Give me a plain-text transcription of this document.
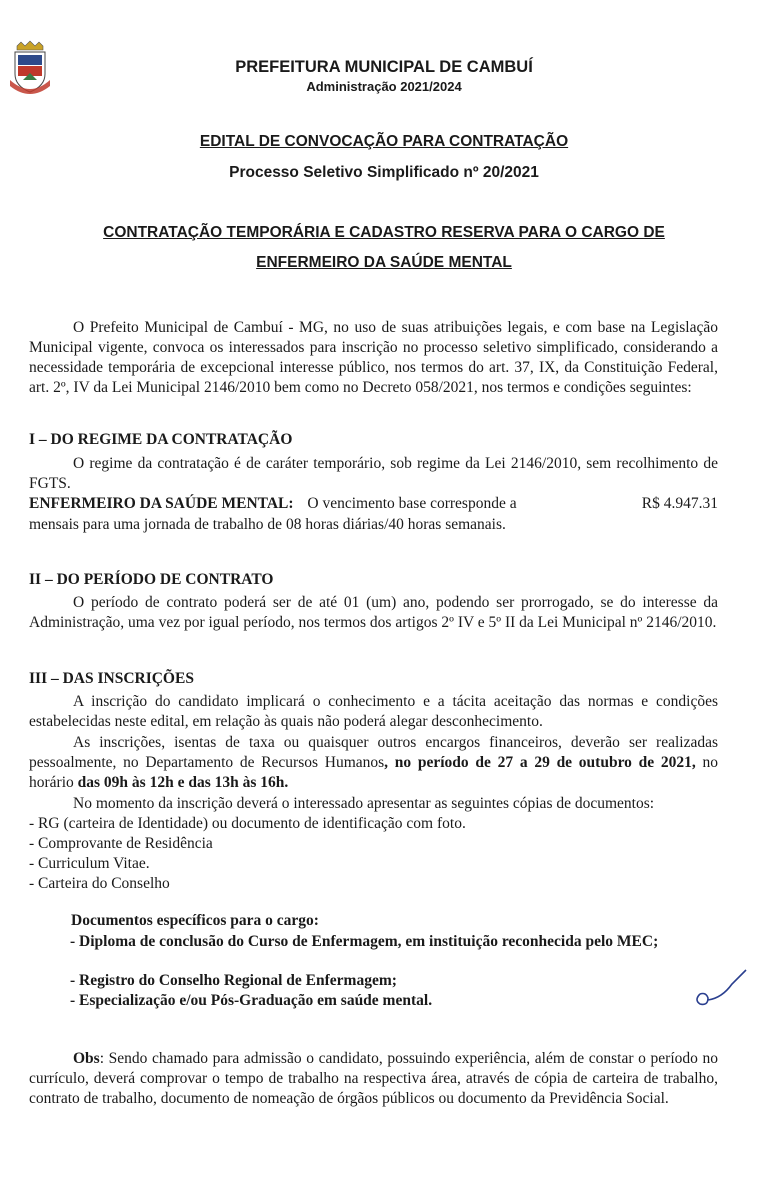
PREFEITURA MUNICIPAL DE CAMBUÍ
Administração 2021/2024
EDITAL DE CONVOCAÇÃO PARA CONTRATAÇÃO
Processo Seletivo Simplificado nº 20/2021
CONTRATAÇÃO TEMPORÁRIA E CADASTRO RESERVA PARA O CARGO DE
ENFERMEIRO DA SAÚDE MENTAL

O Prefeito Municipal de Cambuí - MG, no uso de suas atribuições legais, e com base na Legislação Municipal vigente, convoca os interessados para inscrição no processo seletivo simplificado, considerando a necessidade temporária de excepcional interesse público, nos termos do art. 37, IX, da Constituição Federal, art. 2º, IV da Lei Municipal 2146/2010 bem como no Decreto 058/2021, nos termos e condições seguintes:

I – DO REGIME DA CONTRATAÇÃO

O regime da contratação é de caráter temporário, sob regime da Lei 2146/2010, sem recolhimento de FGTS.

ENFERMEIRO DA SAÚDE MENTAL: O vencimento base corresponde a	R$ 4.947.31
mensais para uma jornada de trabalho de 08 horas diárias/40 horas semanais.
II – DO PERÍODO DE CONTRATO

O período de contrato poderá ser de até 01 (um) ano, podendo ser prorrogado, se do interesse da Administração, uma vez por igual período, nos termos dos artigos 2º IV e 5º II da Lei Municipal nº 2146/2010.

III – DAS INSCRIÇÕES

A inscrição do candidato implicará o conhecimento e a tácita aceitação das normas e condições estabelecidas neste edital, em relação às quais não poderá alegar desconhecimento.

As inscrições, isentas de taxa ou quaisquer outros encargos financeiros, deverão ser realizadas pessoalmente, no Departamento de Recursos Humanos, no período de 27 a 29 de outubro de 2021, no horário das 09h às 12h e das 13h às 16h.

No momento da inscrição deverá o interessado apresentar as seguintes cópias de documentos:
- RG (carteira de Identidade) ou documento de identificação com foto.
- Comprovante de Residência
- Curriculum Vitae.
- Carteira do Conselho
Documentos específicos para o cargo:

- Diploma de conclusão do Curso de Enfermagem, em instituição reconhecida pelo MEC;

- Registro do Conselho Regional de Enfermagem;
- Especialização e/ou Pós-Graduação em saúde mental.

Obs: Sendo chamado para admissão o candidato, possuindo experiência, além de constar o período no currículo, deverá comprovar o tempo de trabalho na respectiva área, através de cópia de carteira de trabalho, contrato de trabalho, documento de nomeação de órgãos públicos ou documento da Previdência Social.
